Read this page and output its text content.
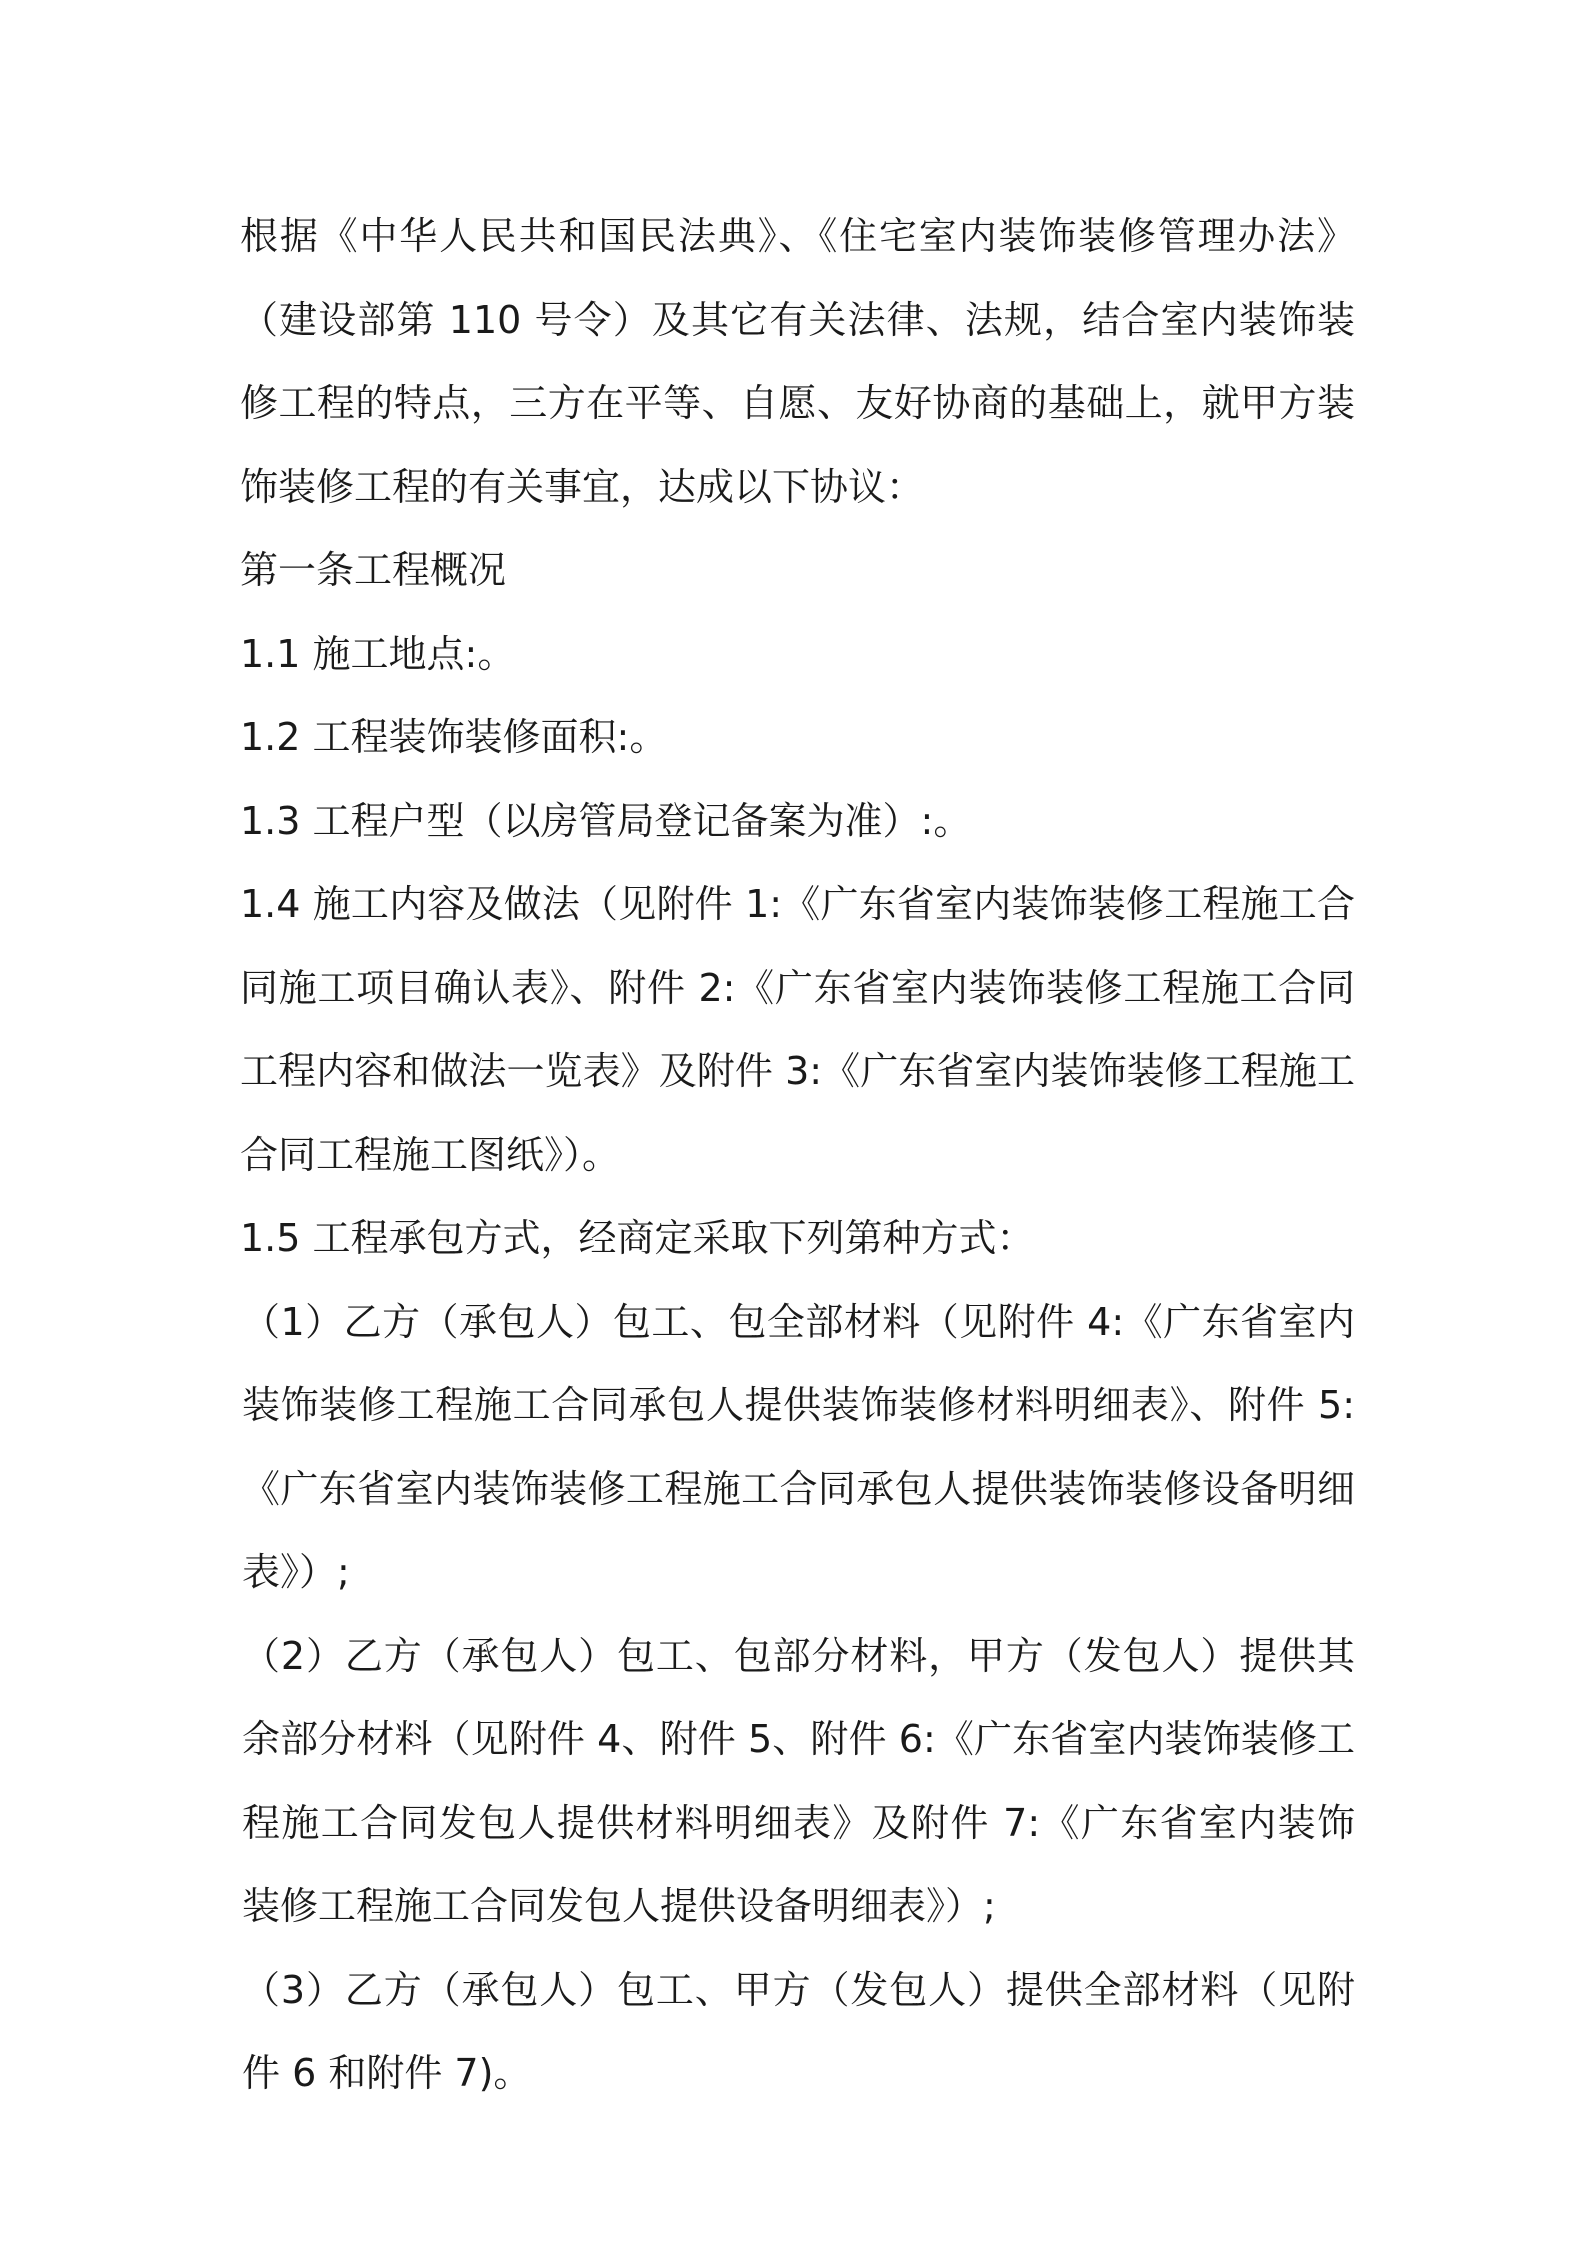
根据《中华人民共和国民法典》、《住宅室内装饰装修管理办法》（建设部第 110 号令）及其它有关法律、法规，结合室内装饰装修工程的特点，三方在平等、自愿、友好协商的基础上，就甲方装饰装修工程的有关事宜，达成以下协议：

第一条工程概况

1.1 施工地点:。

1.2 工程装饰装修面积:。

1.3 工程户型（以房管局登记备案为准）:。

1.4 施工内容及做法（见附件 1:《广东省室内装饰装修工程施工合同施工项目确认表》、附件 2:《广东省室内装饰装修工程施工合同工程内容和做法一览表》及附件 3:《广东省室内装饰装修工程施工合同工程施工图纸》）。

1.5 工程承包方式，经商定采取下列第种方式：

（1）乙方（承包人）包工、包全部材料（见附件 4:《广东省室内装饰装修工程施工合同承包人提供装饰装修材料明细表》、附件 5:《广东省室内装饰装修工程施工合同承包人提供装饰装修设备明细表》）;

（2）乙方（承包人）包工、包部分材料，甲方（发包人）提供其余部分材料（见附件 4、附件 5、附件 6:《广东省室内装饰装修工程施工合同发包人提供材料明细表》及附件 7:《广东省室内装饰装修工程施工合同发包人提供设备明细表》）;

（3）乙方（承包人）包工、甲方（发包人）提供全部材料（见附件 6 和附件 7)。
